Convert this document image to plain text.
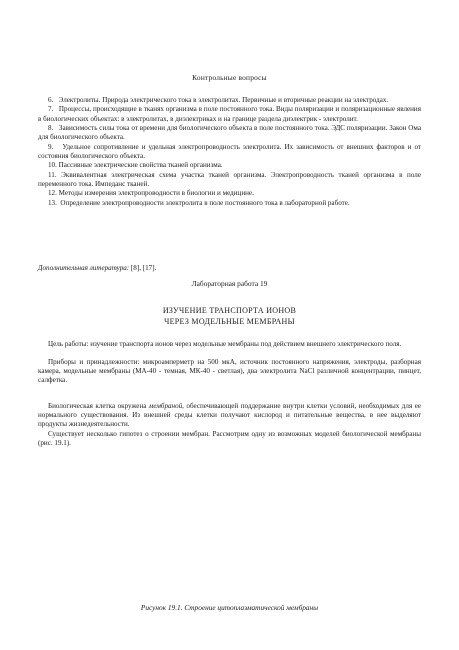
Контрольные вопросы

6.   Электролиты. Природа электрического тока в электролитах. Первичные и вторичные реакции на электродах.

7.   Процессы, происходящие в тканях организма в поле постоянного тока. Виды поляризации и поляризационные явления в биологических объектах: в электролитах, в диэлектриках и на границе раздела диэлектрик - электролит.

8.   Зависимость силы тока от времени для биологического объекта в поле постоянного тока. ЭДС поляризации. Закон Ома для биологического объекта.

9.   Удельное сопротивление и удельная электропроводность электролита. Их зависимость от внешних факторов и от состояния биологического объекта.

10. Пассивные электрические свойства тканей организма.

11. Эквивалентная электрическая схема участка тканей организма. Электропроводность тканей организма в поле переменного тока. Импеданс тканей.

12. Методы измерения электропроводности в биологии и медицине.

13.  Определение электропроводности электролита в поле постоянного тока в лабораторной работе.

Дополнительная литература: [8], [17].
Лабораторная работа 19
ИЗУЧЕНИЕ ТРАНСПОРТА ИОНОВ
ЧЕРЕЗ МОДЕЛЬНЫЕ МЕМБРАНЫ

Цель работы: изучение транспорта ионов через модельные мембраны под действием внешнего электрического поля.

Приборы и принадлежности: микроамперметр на 500 мкА, источник постоянного напряжения, электроды, разборная камера, модельные мембраны (МА-40 - темная, МК-40 - светлая), два электролита NaCl различной концентрации, пинцет, салфетка.

Биологическая клетка окружена мембраной, обеспечивающей поддержание внутри клетки условий, необходимых для ее нормального существования. Из внешней среды клетки получают кислород и питательные вещества, в нее выделяют продукты жизнедеятельности.

Существует несколько гипотез о строении мембран. Рассмотрим одну из возможных моделей биологической мембраны (рис. 19.1).

Рисунок 19.1. Строение цитоплазматической мембраны
